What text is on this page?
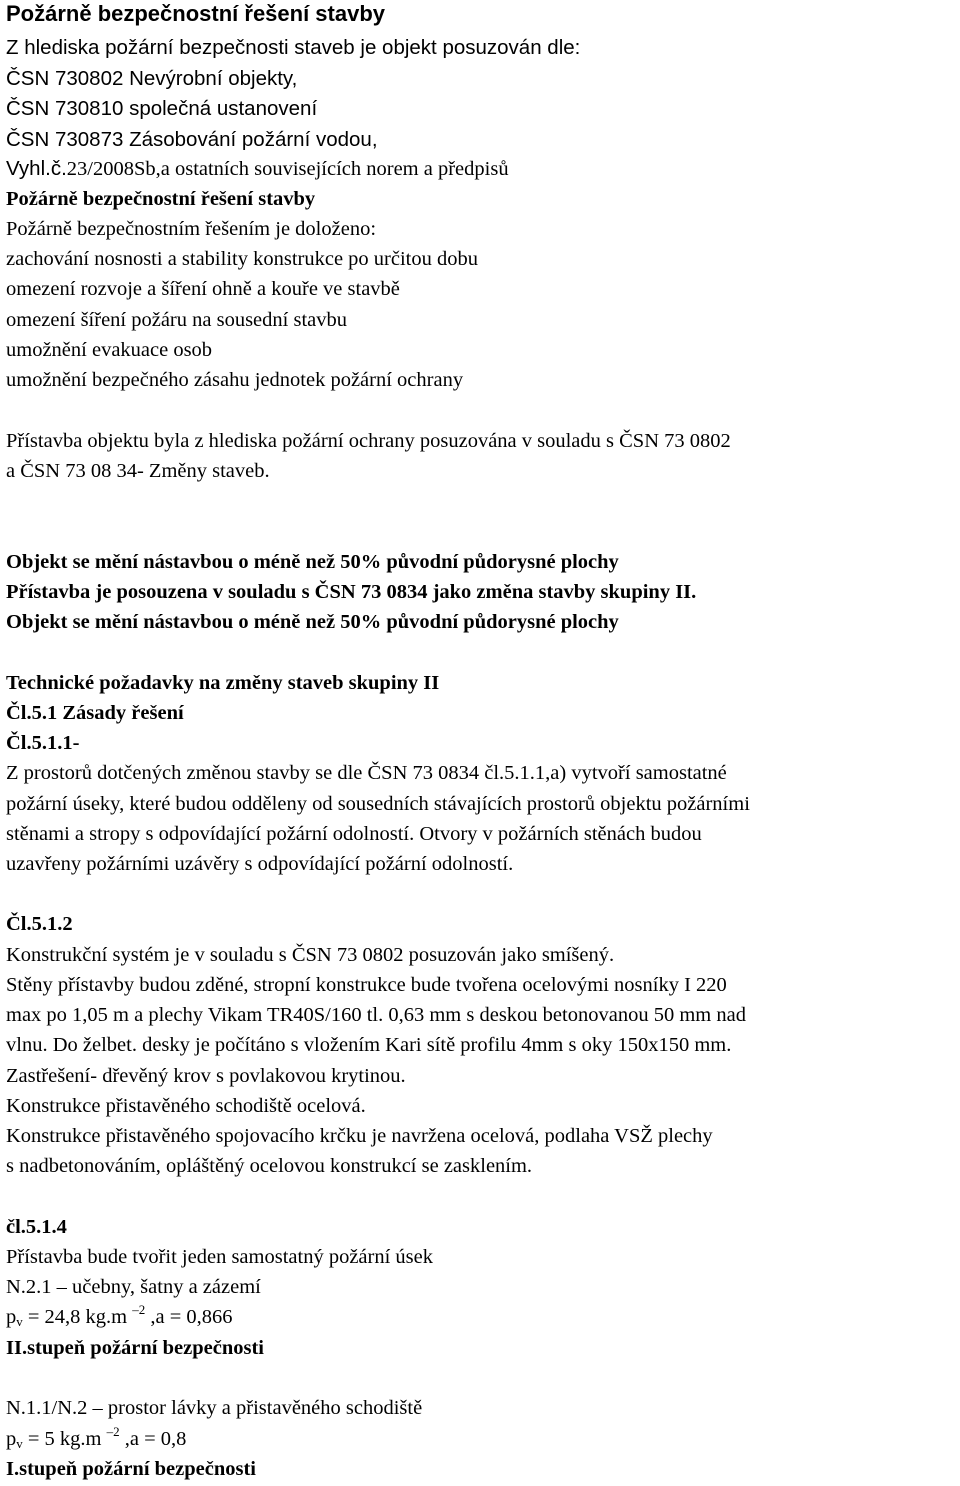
Požárně bezpečnostní řešení stavby
Z hlediska požární bezpečnosti staveb je objekt posuzován dle:
ČSN 730802 Nevýrobní objekty,
ČSN 730810 společná ustanovení
ČSN 730873 Zásobování požární vodou,
Vyhl.č.23/2008Sb,a ostatních souvisejících norem a předpisů
Požárně bezpečnostní řešení stavby
Požárně bezpečnostním řešením je doloženo:
zachování nosnosti a stability konstrukce po určitou dobu
omezení rozvoje a šíření ohně a kouře ve stavbě
omezení šíření požáru na sousední stavbu
umožnění evakuace osob
umožnění bezpečného zásahu jednotek požární ochrany
Přístavba objektu byla z hlediska požární ochrany posuzována v souladu s ČSN 73 0802
a ČSN 73 08 34- Změny staveb.
Objekt se mění nástavbou o méně než 50% původní půdorysné plochy
Přístavba je posouzena v souladu s ČSN 73 0834 jako změna stavby skupiny II.
Objekt se mění nástavbou o méně než 50% původní půdorysné plochy
Technické požadavky na změny staveb skupiny II
Čl.5.1 Zásady řešení
Čl.5.1.1-
Z prostorů dotčených změnou stavby se dle ČSN 73 0834 čl.5.1.1,a) vytvoří samostatné
požární úseky, které budou odděleny od sousedních stávajících prostorů objektu požárními
stěnami a stropy s odpovídající požární odolností. Otvory v požárních stěnách budou
uzavřeny požárními uzávěry s odpovídající požární odolností.
Čl.5.1.2
Konstrukční systém je v souladu s ČSN 73 0802 posuzován jako smíšený.
Stěny přístavby budou zděné, stropní konstrukce bude tvořena ocelovými nosníky I 220
max po 1,05 m a plechy Vikam TR40S/160 tl. 0,63 mm s deskou betonovanou 50 mm nad
vlnu. Do želbet. desky je počítáno s vložením Kari sítě profilu 4mm s oky 150x150 mm.
Zastřešení- dřevěný krov s povlakovou krytinou.
Konstrukce přistavěného schodiště ocelová.
Konstrukce přistavěného spojovacího krčku je navržena ocelová, podlaha VSŽ plechy
s nadbetonováním, opláštěný ocelovou konstrukcí se zasklením.
čl.5.1.4
Přístavba bude tvořit jeden samostatný požární úsek
N.2.1 – učebny, šatny a zázemí
$p_v = 24,8$ kg.m $^{-2}$ ,a = 0,866
II.stupeň požární bezpečnosti
N.1.1/N.2 – prostor lávky a přistavěného schodiště
$p_v = 5$ kg.m $^{-2}$ ,a = 0,8
I.stupeň požární bezpečnosti
